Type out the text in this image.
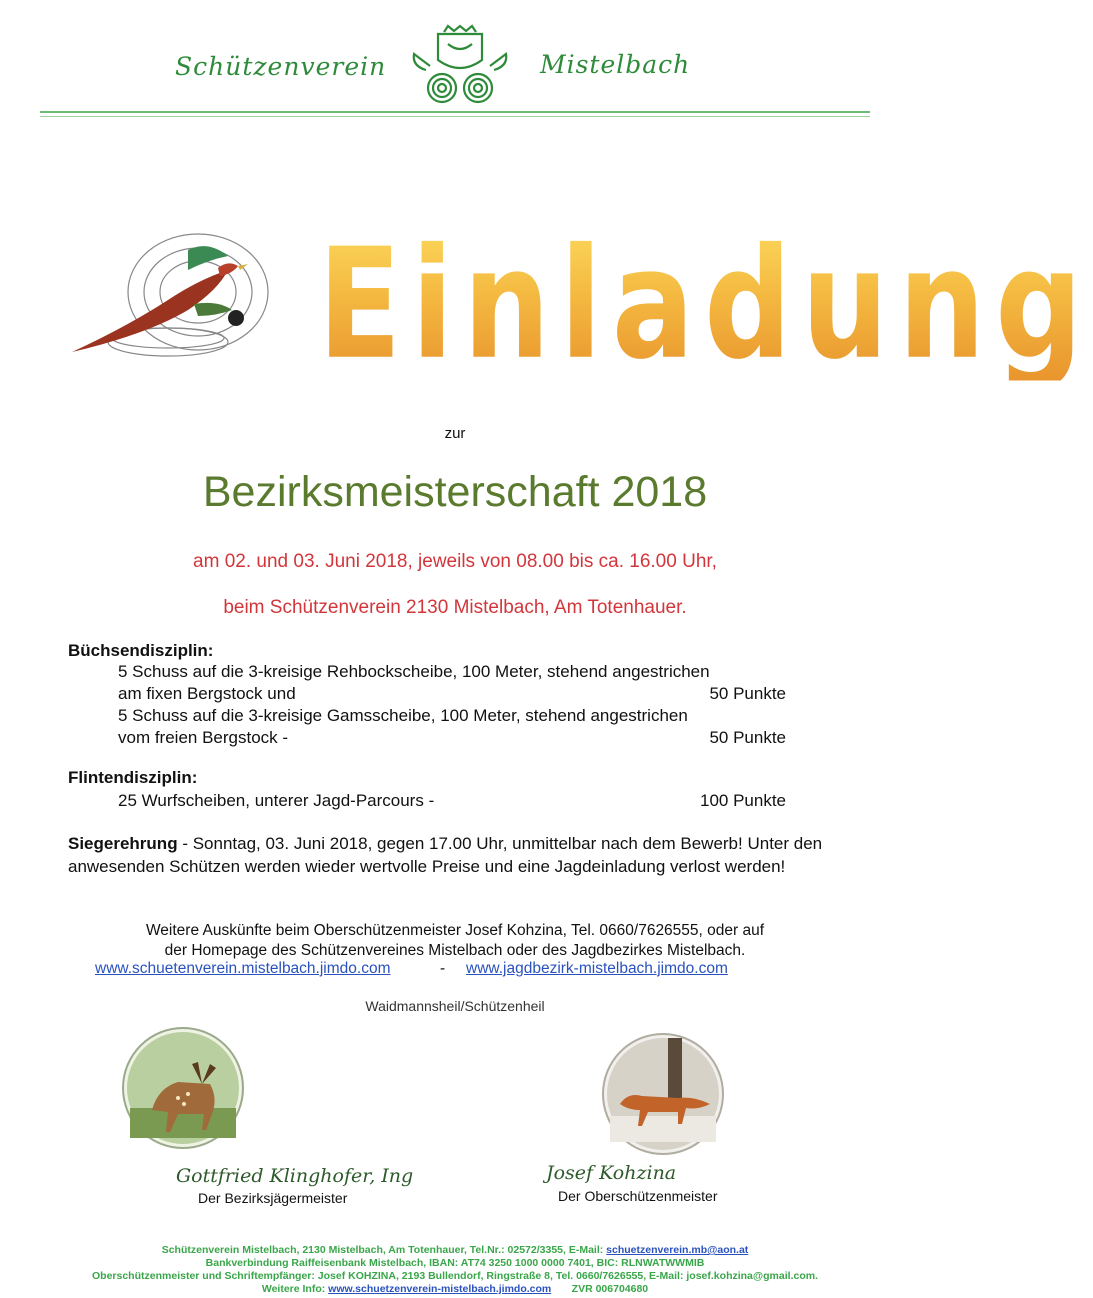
Schützenverein	Mistelbach
Einladung
zur
Bezirksmeisterschaft 2018
am 02. und 03. Juni 2018, jeweils von 08.00 bis ca. 16.00 Uhr,
beim Schützenverein 2130 Mistelbach, Am Totenhauer.
Büchsendisziplin:
5 Schuss auf die 3-kreisige Rehbockscheibe, 100 Meter, stehend angestrichen
am fixen Bergstock und	50 Punkte
5 Schuss auf die 3-kreisige Gamsscheibe, 100 Meter, stehend angestrichen
vom freien Bergstock -	50 Punkte
Flintendisziplin:
25 Wurfscheiben, unterer Jagd-Parcours -	100 Punkte
Siegerehrung - Sonntag, 03. Juni 2018, gegen 17.00 Uhr, unmittelbar nach dem Bewerb! Unter den anwesenden Schützen werden wieder wertvolle Preise und eine Jagdeinladung verlost werden!
Weitere Auskünfte beim Oberschützenmeister Josef Kohzina, Tel. 0660/7626555, oder auf
der Homepage des Schützenvereines Mistelbach oder des Jagdbezirkes Mistelbach.
www.schuetenverein.mistelbach.jimdo.com	- www.jagdbezirk-mistelbach.jimdo.com
Waidmannsheil/Schützenheil
Gottfried Klinghofer, Ing
Der Bezirksjägermeister
Josef Kohzina
Der Oberschützenmeister
Schützenverein Mistelbach, 2130 Mistelbach, Am Totenhauer, Tel.Nr.: 02572/3355, E-Mail: schuetzenverein.mb@aon.at
Bankverbindung Raiffeisenbank Mistelbach, IBAN: AT74 3250 1000 0000 7401, BIC: RLNWATWWMIB
Oberschützenmeister und Schriftempfänger: Josef KOHZINA, 2193 Bullendorf, Ringstraße 8, Tel. 0660/7626555, E-Mail: josef.kohzina@gmail.com.
Weitere Info: www.schuetzenverein-mistelbach.jimdo.com ZVR 006704680
